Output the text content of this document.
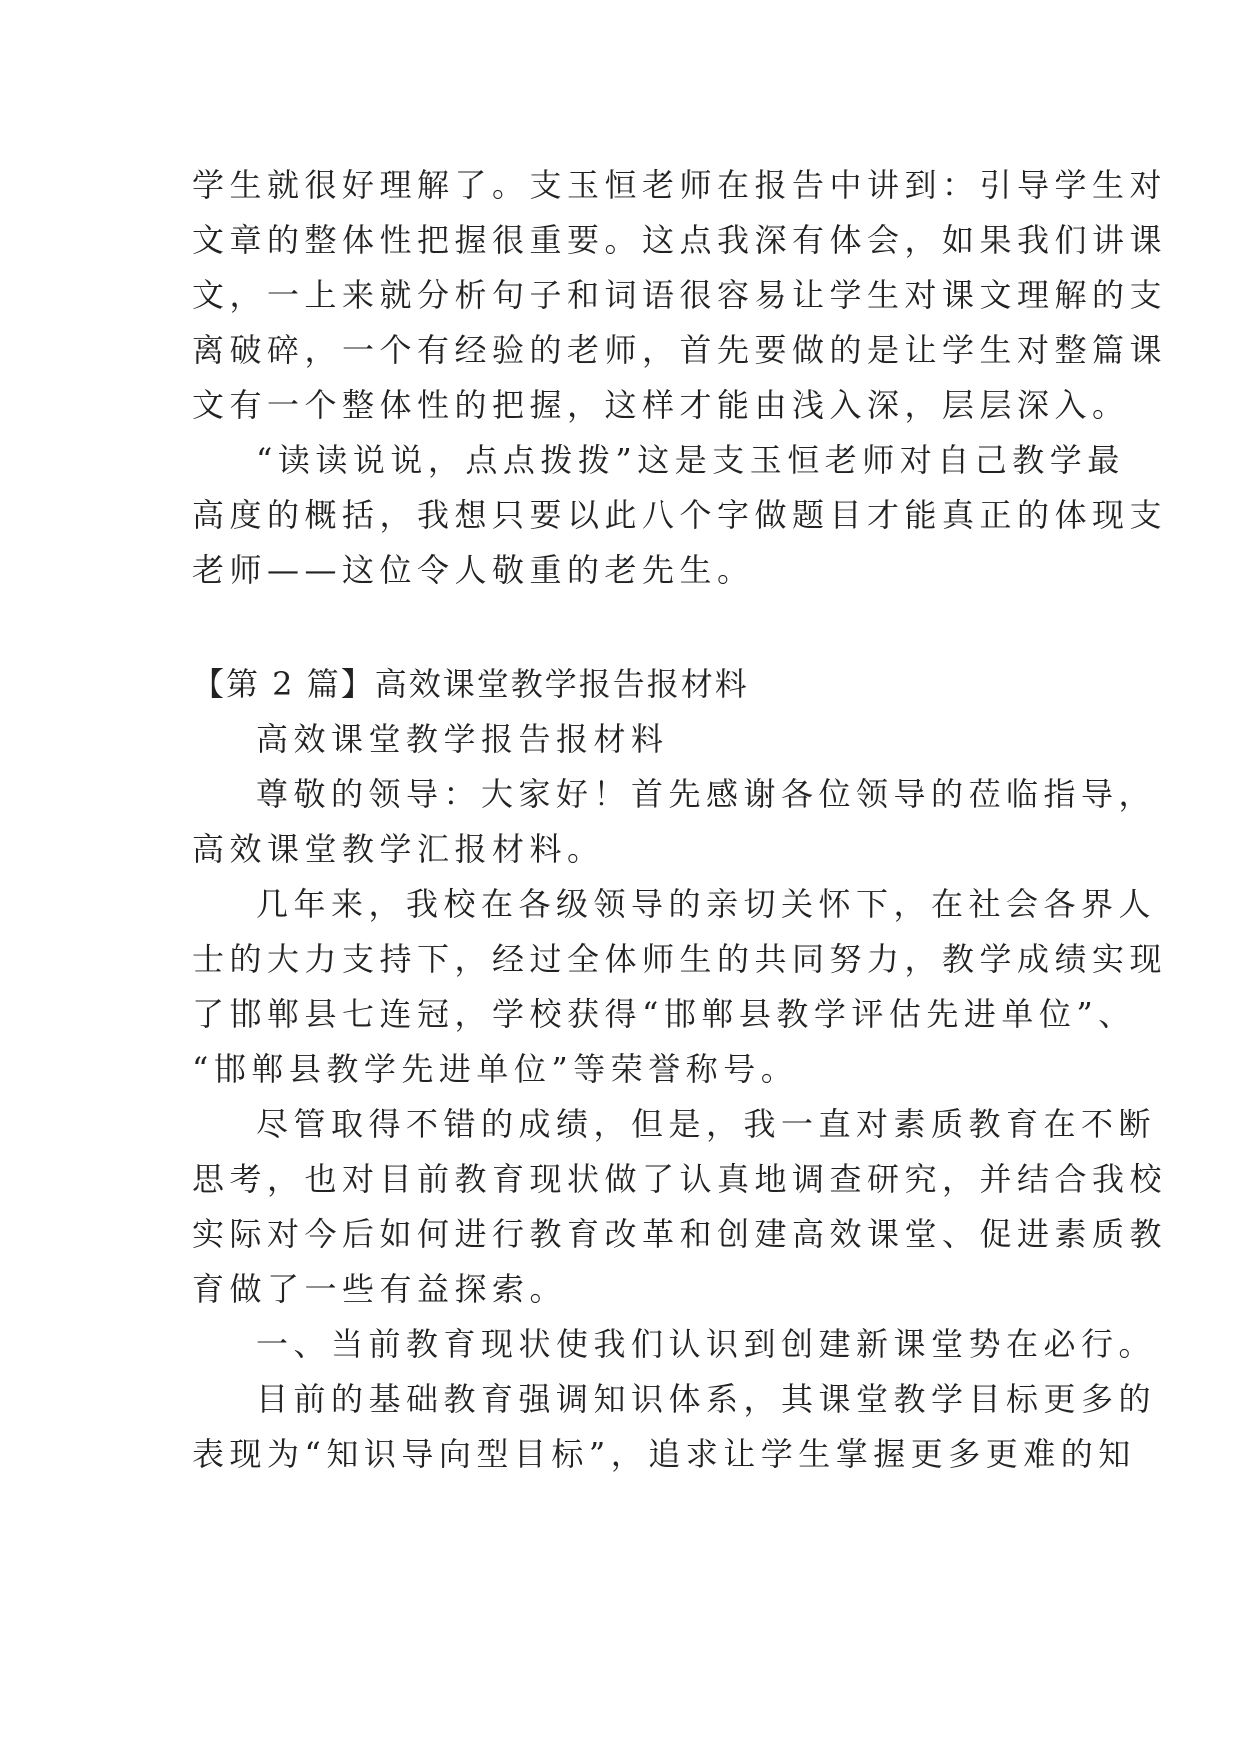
学生就很好理解了。支玉恒老师在报告中讲到：引导学生对
文章的整体性把握很重要。这点我深有体会，如果我们讲课
文，一上来就分析句子和词语很容易让学生对课文理解的支
离破碎，一个有经验的老师，首先要做的是让学生对整篇课
文有一个整体性的把握，这样才能由浅入深，层层深入。
“读读说说，点点拨拨”这是支玉恒老师对自己教学最
高度的概括，我想只要以此八个字做题目才能真正的体现支
老师——这位令人敬重的老先生。
【第 2 篇】高效课堂教学报告报材料
高效课堂教学报告报材料
尊敬的领导：大家好！首先感谢各位领导的莅临指导，
高效课堂教学汇报材料。
几年来，我校在各级领导的亲切关怀下，在社会各界人
士的大力支持下，经过全体师生的共同努力，教学成绩实现
了邯郸县七连冠，学校获得“邯郸县教学评估先进单位”、
“邯郸县教学先进单位”等荣誉称号。
尽管取得不错的成绩，但是，我一直对素质教育在不断
思考，也对目前教育现状做了认真地调查研究，并结合我校
实际对今后如何进行教育改革和创建高效课堂、促进素质教
育做了一些有益探索。
一、当前教育现状使我们认识到创建新课堂势在必行。
目前的基础教育强调知识体系，其课堂教学目标更多的
表现为“知识导向型目标”，追求让学生掌握更多更难的知
